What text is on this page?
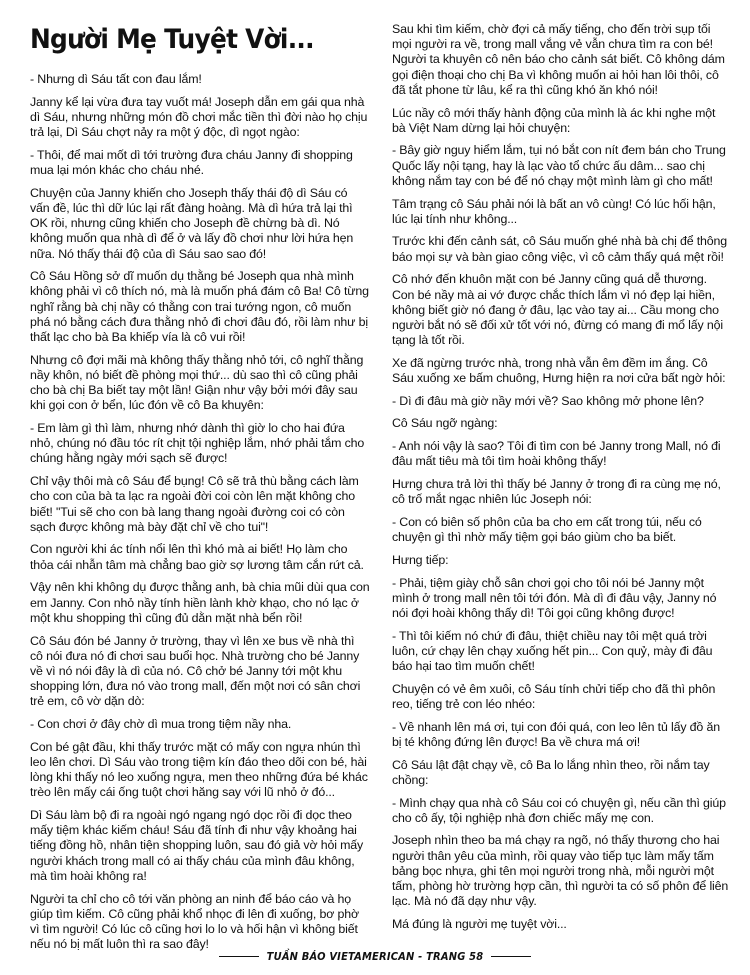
Người Mẹ Tuyệt Vời...

- Nhưng dì Sáu tất con đau lắm!

Janny kể lại vừa đưa tay vuốt má! Joseph dẫn em gái qua nhà dì Sáu, nhưng những món đồ chơi mắc tiền thì đời nào họ chịu trả lại, Dì Sáu chợt nảy ra một ý độc, dì ngọt ngào:

- Thôi, để mai mốt dì tới trường đưa cháu Janny đi shopping mua lại món khác cho cháu nhé.

Chuyện của Janny khiến cho Joseph thấy thái độ dì Sáu có vấn đề, lúc thì dữ lúc lại rất đàng hoàng. Mà dì hứa trả lại thì OK rồi, nhưng cũng khiến cho Joseph đề chừng bà dì. Nó không muốn qua nhà dì để ở và lấy đồ chơi như lời hứa hẹn nữa. Nó thấy thái độ của dì Sáu sao sao đó!

Cô Sáu Hồng sở dĩ muốn dụ thằng bé Joseph qua nhà mình không phải vì cô thích nó, mà là muốn phá đám cô Ba! Cô từng nghĩ rằng bà chị nầy có thằng con trai tướng ngon, cô muốn phá nó bằng cách đưa thằng nhỏ đi chơi đâu đó, rồi làm như bị thất lạc cho bà Ba khiếp vía là cô vui rồi!

Nhưng cô đợi mãi mà không thấy thằng nhỏ tới, cô nghĩ thằng nầy khôn, nó biết đề phòng mọi thứ... dù sao thì cô cũng phải cho bà chị Ba biết tay một lần! Giận như vậy bởi mới đây sau khi gọi con ở bển, lúc đón về cô Ba khuyên:

- Em làm gì thì làm, nhưng nhớ dành thì giờ lo cho hai đứa nhỏ, chúng nó đầu tóc rít chịt tội nghiệp lắm, nhớ phải tắm cho chúng hằng ngày mới sạch sẽ được!

Chỉ vậy thôi mà cô Sáu để bụng! Cô sẽ trả thù bằng cách làm cho con của bà ta lạc ra ngoài đời coi còn lên mặt không cho biết! "Tui sẽ cho con bà lang thang ngoài đường coi có còn sạch được không mà bày đặt chỉ về cho tui"!

Con người khi ác tính nổi lên thì khó mà ai biết! Họ làm cho thỏa cái nhẫn tâm mà chẳng bao giờ sợ lương tâm cắn rứt cả.

Vậy nên khi không dụ được thằng anh, bà chia mũi dùi qua con em Janny. Con nhỏ nầy tính hiền lành khờ khạo, cho nó lạc ở một khu shopping thì cũng đủ dằn mặt nhà bển rồi!

Cô Sáu đón bé Janny ở trường, thay vì lên xe bus về nhà thì cô nói đưa nó đi chơi sau buổi học. Nhà trường cho bé Janny về vì nó nói đây là dì của nó. Cô chở bé Janny tới một khu shopping lớn, đưa nó vào trong mall, đến một nơi có sân chơi trẻ em, cô vờ dặn dò:

- Con chơi ở đây chờ dì mua trong tiệm nầy nha.

Con bé gật đầu, khi thấy trước mặt có mấy con ngựa nhún thì leo lên chơi. Dì Sáu vào trong tiệm kín đáo theo dõi con bé, hài lòng khi thấy nó leo xuống ngựa, men theo những đứa bé khác trèo lên mấy cái ống tuột chơi hăng say với lũ nhỏ ở đó...

Dì Sáu làm bộ đi ra ngoài ngó ngang ngó dọc rồi đi dọc theo mấy tiệm khác kiếm cháu! Sáu đã tính đi như vậy khoảng hai tiếng đồng hồ, nhân tiện shopping luôn, sau đó giả vờ hỏi mấy người khách trong mall có ai thấy cháu của mình đâu không, mà tìm hoài không ra!

Người ta chỉ cho cô tới văn phòng an ninh để báo cáo và họ giúp tìm kiếm. Cô cũng phải khổ nhọc đi lên đi xuống, bơ phờ vì tìm người! Có lúc cô cũng hơi lo lo và hối hận vì không biết nếu nó bị mất luôn thì ra sao đây!

Sau khi tìm kiếm, chờ đợi cả mấy tiếng, cho đến trời sụp tối mọi người ra về, trong mall vắng vẻ vẫn chưa tìm ra con bé! Người ta khuyên cô nên báo cho cảnh sát biết. Cô không dám gọi điện thoại cho chị Ba vì không muốn ai hỏi han lôi thôi, cô đã tắt phone từ lâu, kể ra thì cũng khó ăn khó nói!

Lúc nầy cô mới thấy hành động của mình là ác khi nghe một bà Việt Nam dừng lại hỏi chuyện:

- Bây giờ nguy hiểm lắm, tụi nó bắt con nít đem bán cho Trung Quốc lấy nội tạng, hay là lạc vào tổ chức ấu dâm... sao chị không nắm tay con bé để nó chạy một mình làm gì cho mất!

Tâm trạng cô Sáu phải nói là bất an vô cùng! Có lúc hối hận, lúc lại tính như không...

Trước khi đến cảnh sát, cô Sáu muốn ghé nhà bà chị để thông báo mọi sự và bàn giao công việc, vì cô cảm thấy quá mệt rồi!

Cô nhớ đến khuôn mặt con bé Janny cũng quá dễ thương. Con bé nầy mà ai vớ được chắc thích lắm vì nó đẹp lại hiền, không biết giờ nó đang ở đâu, lạc vào tay ai... Cầu mong cho người bắt nó sẽ đối xử tốt với nó, đừng có mang đi mổ lấy nội tạng là tốt rồi.

Xe đã ngừng trước nhà, trong nhà vẫn êm đềm im ắng. Cô Sáu xuống xe bấm chuông, Hưng hiện ra nơi cửa bất ngờ hỏi:

- Dì đi đâu mà giờ nầy mới về? Sao không mở phone lên?

Cô Sáu ngỡ ngàng:

- Anh nói vậy là sao? Tôi đi tìm con bé Janny trong Mall, nó đi đâu mất tiêu mà tôi tìm hoài không thấy!

Hưng chưa trả lời thì thấy bé Janny ở trong đi ra cùng mẹ nó, cô trố mắt ngạc nhiên lúc Joseph nói:

- Con có biên số phôn của ba cho em cất trong túi, nếu có chuyện gì thì nhờ mấy tiệm gọi báo giùm cho ba biết.

Hưng tiếp:

- Phải, tiệm giày chỗ sân chơi gọi cho tôi nói bé Janny một mình ở trong mall nên tôi tới đón. Mà dì đi đâu vậy, Janny nó nói đợi hoài không thấy dì! Tôi gọi cũng không được!

- Thì tôi kiếm nó chứ đi đâu, thiệt chiều nay tôi mệt quá trời luôn, cứ chạy lên chạy xuống hết pin... Con quỷ, mày đi đâu báo hại tao tìm muốn chết!

Chuyện có vẻ êm xuôi, cô Sáu tính chửi tiếp cho đã thì phôn reo, tiếng trẻ con léo nhéo:

- Về nhanh lên má ơi, tụi con đói quá, con leo lên tủ lấy đồ ăn bị té không đứng lên được! Ba về chưa má ơi!

Cô Sáu lật đật chạy về, cô Ba lo lắng nhìn theo, rồi nắm tay chồng:

- Mình chạy qua nhà cô Sáu coi có chuyện gì, nếu cần thì giúp cho cô ấy, tội nghiệp nhà đơn chiếc mấy mẹ con.

Joseph nhìn theo ba má chạy ra ngõ, nó thấy thương cho hai người thân yêu của mình, rồi quay vào tiếp tục làm mấy tấm bảng bọc nhựa, ghi tên mọi người trong nhà, mỗi người một tấm, phòng hờ trường hợp cần, thì người ta có số phôn để liên lạc. Mà nó đã dạy như vậy.

Má đúng là người mẹ tuyệt vời...

TUẦN BÁO VIETAMERICAN - TRANG 58
